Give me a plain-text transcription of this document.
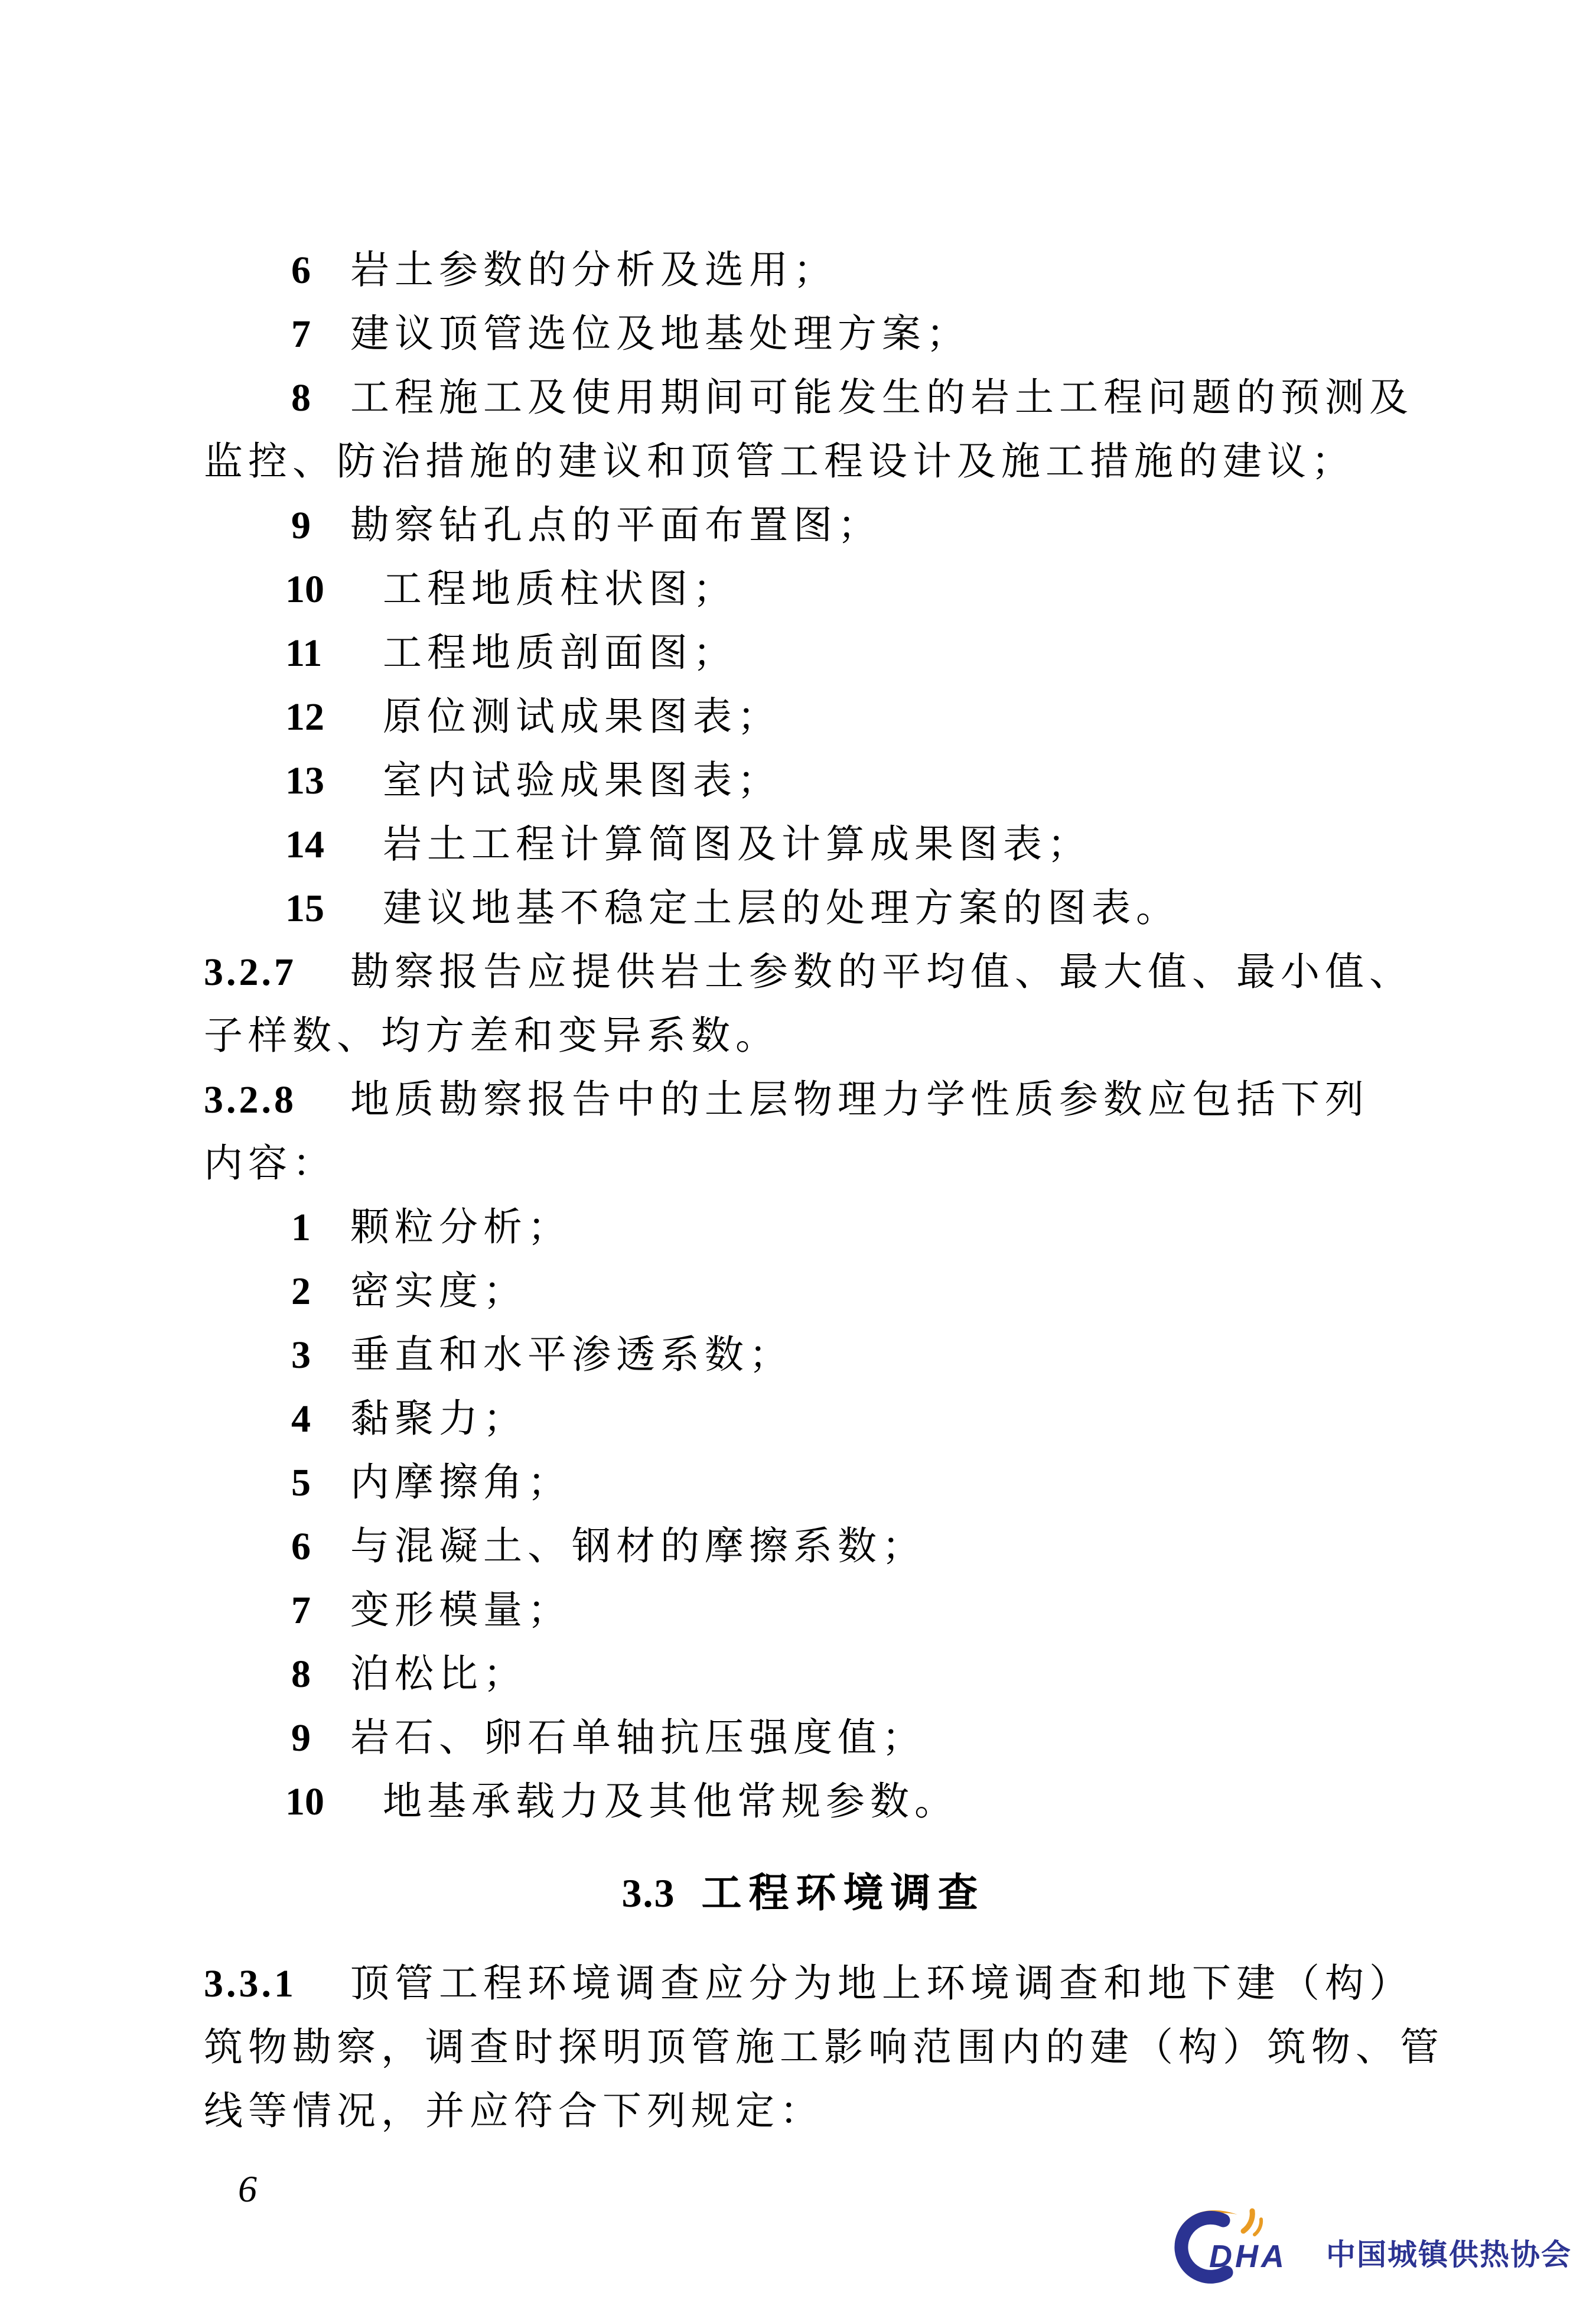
6 岩土参数的分析及选用；
7 建议顶管选位及地基处理方案；
8 工程施工及使用期间可能发生的岩土工程问题的预测及
监控、防治措施的建议和顶管工程设计及施工措施的建议；
9 勘察钻孔点的平面布置图；
10 工程地质柱状图；
11 工程地质剖面图；
12 原位测试成果图表；
13 室内试验成果图表；
14 岩土工程计算简图及计算成果图表；
15 建议地基不稳定土层的处理方案的图表。
3.2.7 勘察报告应提供岩土参数的平均值、最大值、最小值、
子样数、均方差和变异系数。
3.2.8 地质勘察报告中的土层物理力学性质参数应包括下列
内容：
1 颗粒分析；
2 密实度；
3 垂直和水平渗透系数；
4 黏聚力；
5 内摩擦角；
6 与混凝土、钢材的摩擦系数；
7 变形模量；
8 泊松比；
9 岩石、卵石单轴抗压强度值；
10 地基承载力及其他常规参数。
3.3 工程环境调查
3.3.1 顶管工程环境调查应分为地上环境调查和地下建（构）
筑物勘察，调查时探明顶管施工影响范围内的建（构）筑物、管
线等情况，并应符合下列规定：
6
DHA 中国城镇供热协会
